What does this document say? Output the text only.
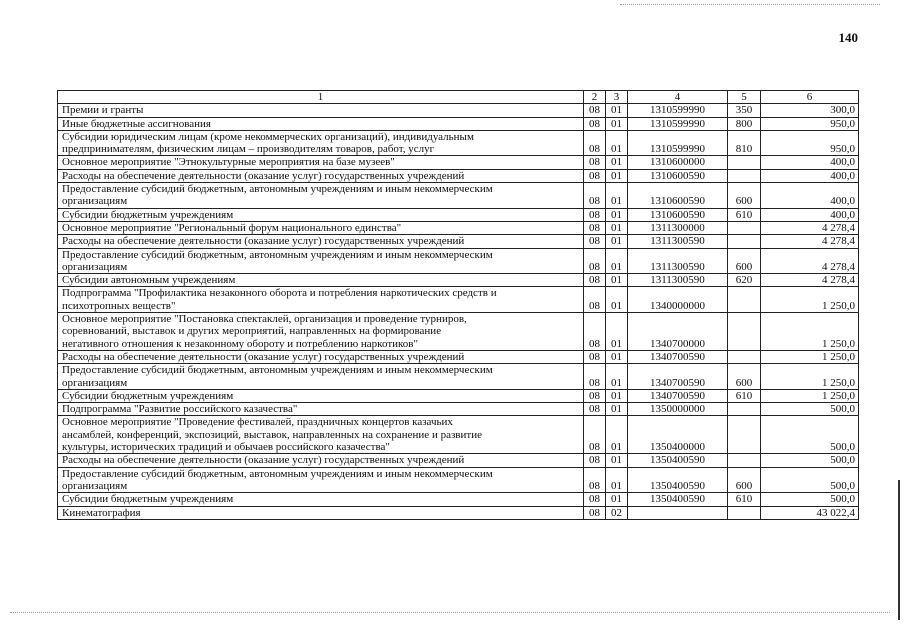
140
1	2	3	4	5	6

Премии и гранты	08	01	1310599990	350	300,0

Иные бюджетные ассигнования	08	01	1310599990	800	950,0

Субсидии юридическим лицам (кроме некоммерческих организаций), индивидуальным
предпринимателям, физическим лицам – производителям товаров, работ, услуг	08	01	1310599990	810	950,0

Основное мероприятие "Этнокультурные мероприятия на базе музеев"	08	01	1310600000		400,0

Расходы на обеспечение деятельности (оказание услуг) государственных учреждений	08	01	1310600590		400,0

Предоставление субсидий бюджетным, автономным учреждениям и иным некоммерческим
организациям	08	01	1310600590	600	400,0

Субсидии бюджетным учреждениям	08	01	1310600590	610	400,0

Основное мероприятие "Региональный форум национального единства"	08	01	1311300000		4 278,4

Расходы на обеспечение деятельности (оказание услуг) государственных учреждений	08	01	1311300590		4 278,4

Предоставление субсидий бюджетным, автономным учреждениям и иным некоммерческим
организациям	08	01	1311300590	600	4 278,4

Субсидии автономным учреждениям	08	01	1311300590	620	4 278,4

Подпрограмма "Профилактика незаконного оборота и потребления наркотических средств и
психотропных веществ"	08	01	1340000000		1 250,0

Основное мероприятие "Постановка спектаклей, организация и проведение турниров,
соревнований, выставок и других мероприятий, направленных на формирование
негативного отношения к незаконному обороту и потреблению наркотиков"	08	01	1340700000		1 250,0

Расходы на обеспечение деятельности (оказание услуг) государственных учреждений	08	01	1340700590		1 250,0

Предоставление субсидий бюджетным, автономным учреждениям и иным некоммерческим
организациям	08	01	1340700590	600	1 250,0

Субсидии бюджетным учреждениям	08	01	1340700590	610	1 250,0

Подпрограмма "Развитие российского казачества"	08	01	1350000000		500,0

Основное мероприятие "Проведение фестивалей, праздничных концертов казачьих
ансамблей, конференций, экспозиций, выставок, направленных на сохранение и развитие
культуры, исторических традиций и обычаев российского казачества"	08	01	1350400000		500,0

Расходы на обеспечение деятельности (оказание услуг) государственных учреждений	08	01	1350400590		500,0

Предоставление субсидий бюджетным, автономным учреждениям и иным некоммерческим
организациям	08	01	1350400590	600	500,0

Субсидии бюджетным учреждениям	08	01	1350400590	610	500,0

Кинематография	08	02			43 022,4
